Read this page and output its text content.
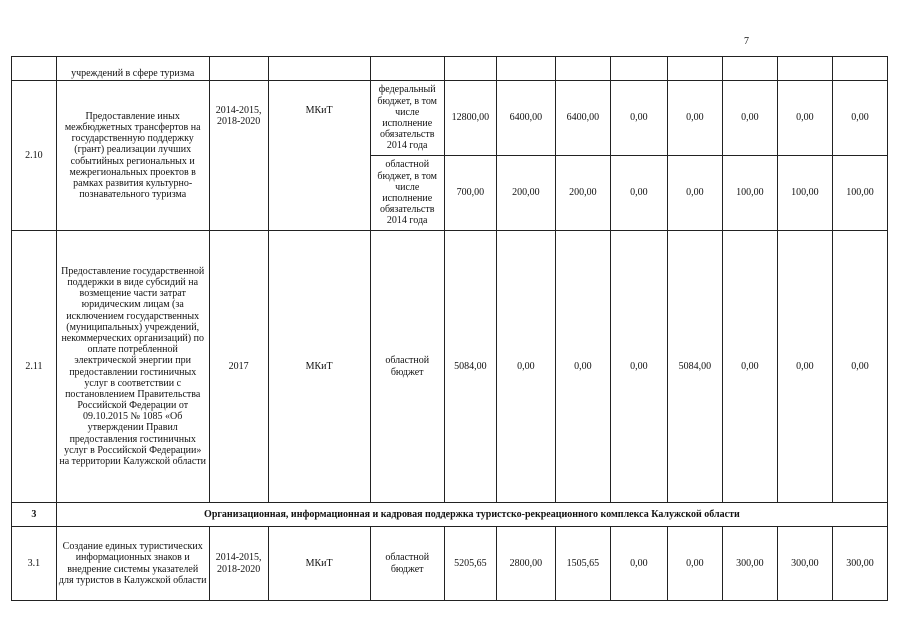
7
	учреждений в сфере туризма											
2.10	Предоставление иных межбюджетных трансфертов на государственную поддержку (грант) реализации лучших событийных региональных и межрегиональных проектов в рамках развития культурно-познавательного туризма	2014-2015, 2018-2020	МКиТ	федеральный бюджет, в том числе исполнение обязательств 2014 года	12800,00	6400,00	6400,00	0,00	0,00	0,00	0,00	0,00
				областной бюджет, в том числе исполнение обязательств 2014 года	700,00	200,00	200,00	0,00	0,00	100,00	100,00	100,00
2.11	Предоставление государственной поддержки в виде субсидий на возмещение части затрат юридическим лицам (за исключением государственных (муниципальных) учреждений, некоммерческих организаций) по оплате потребленной электрической энергии при предоставлении гостиничных услуг в соответствии с постановлением Правительства Российской Федерации от 09.10.2015 № 1085 «Об утверждении Правил предоставления гостиничных услуг в Российской Федерации» на территории Калужской области	2017	МКиТ	областной бюджет	5084,00	0,00	0,00	0,00	5084,00	0,00	0,00	0,00
3	Организационная, информационная и кадровая поддержка туристско-рекреационного комплекса Калужской области											
3.1	Создание единых туристических информационных знаков и внедрение системы указателей для туристов в Калужской области	2014-2015, 2018-2020	МКиТ	областной бюджет	5205,65	2800,00	1505,65	0,00	0,00	300,00	300,00	300,00
